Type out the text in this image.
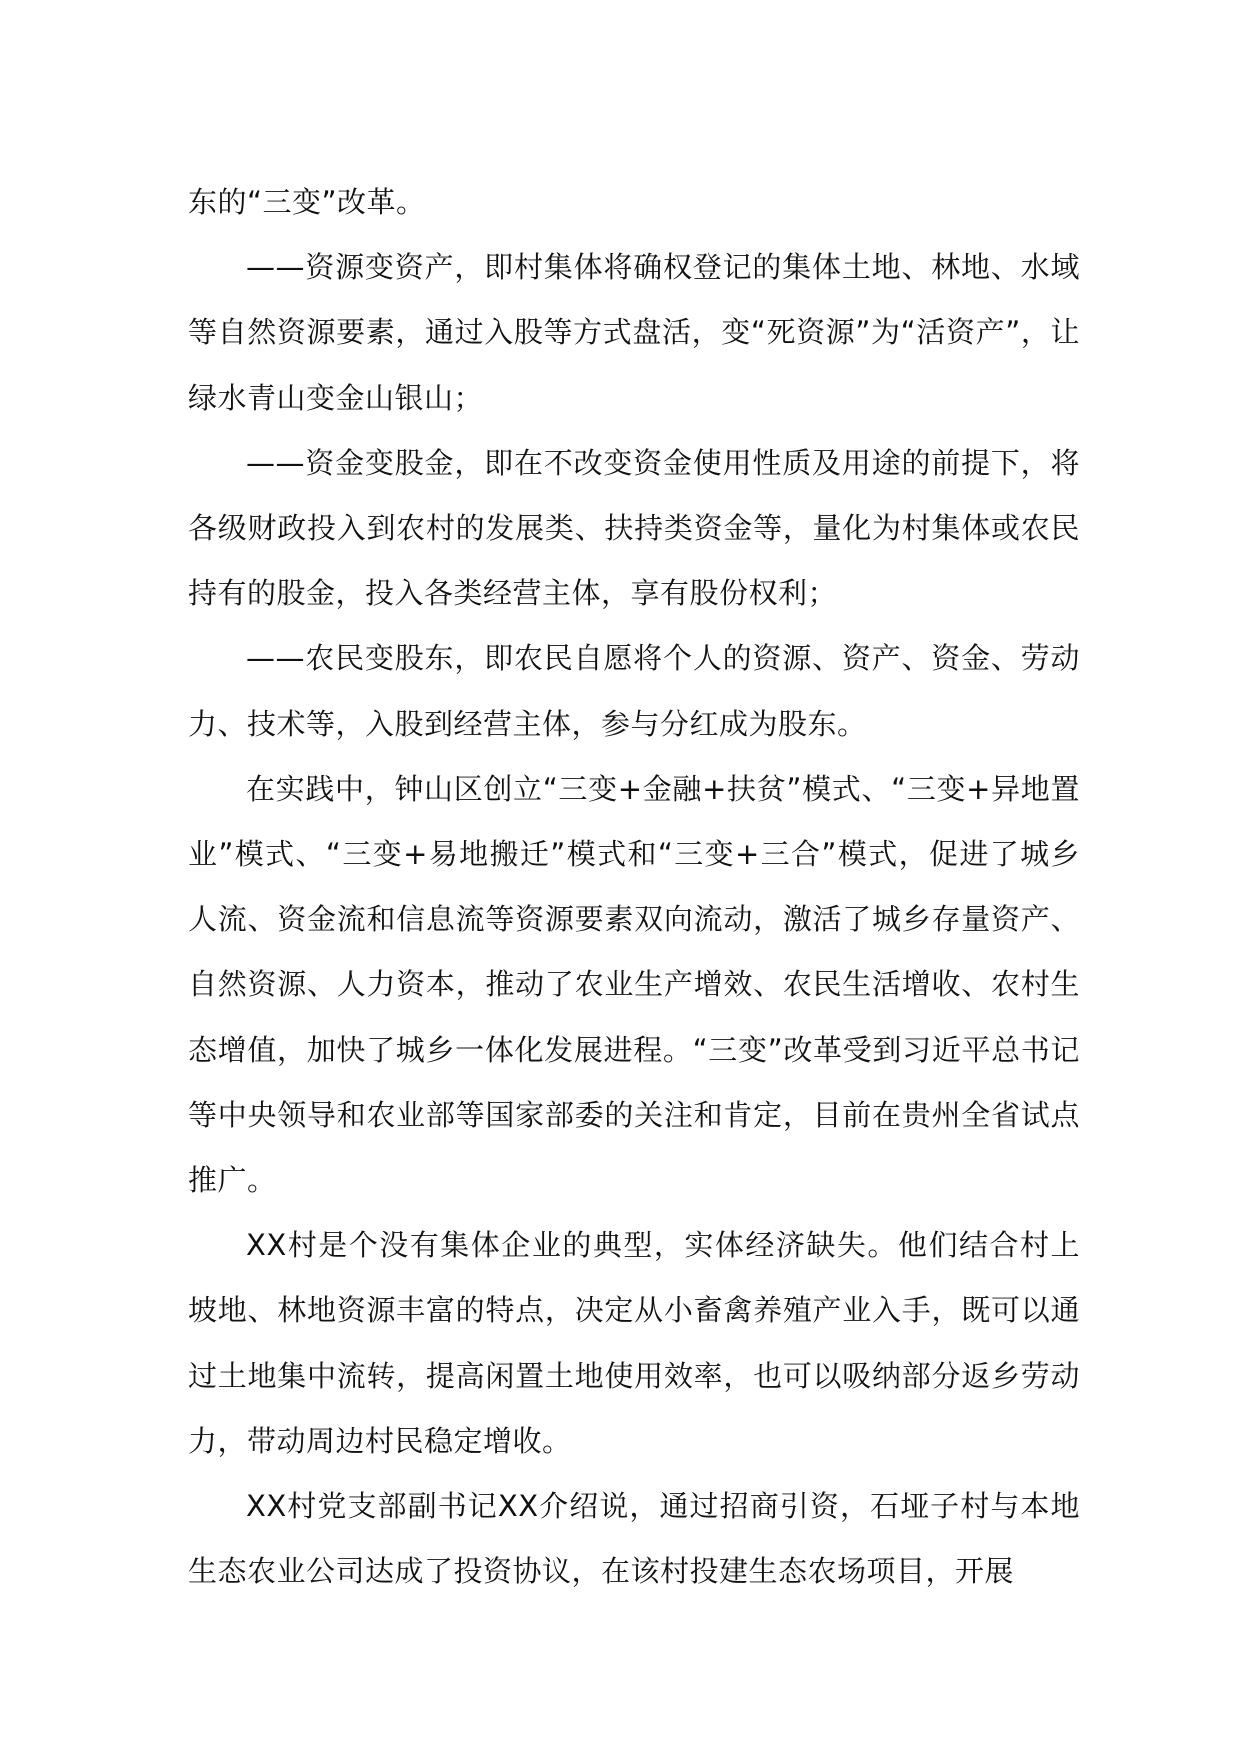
东的“三变”改革。

——资源变资产，即村集体将确权登记的集体土地、林地、水域等自然资源要素，通过入股等方式盘活，变“死资源”为“活资产”，让绿水青山变金山银山；

——资金变股金，即在不改变资金使用性质及用途的前提下，将各级财政投入到农村的发展类、扶持类资金等，量化为村集体或农民持有的股金，投入各类经营主体，享有股份权利；

——农民变股东，即农民自愿将个人的资源、资产、资金、劳动力、技术等，入股到经营主体，参与分红成为股东。

在实践中，钟山区创立“三变+金融+扶贫”模式、“三变+异地置业”模式、“三变+易地搬迁”模式和“三变+三合”模式，促进了城乡人流、资金流和信息流等资源要素双向流动，激活了城乡存量资产、自然资源、人力资本，推动了农业生产增效、农民生活增收、农村生态增值，加快了城乡一体化发展进程。“三变”改革受到习近平总书记等中央领导和农业部等国家部委的关注和肯定，目前在贵州全省试点推广。

XX村是个没有集体企业的典型，实体经济缺失。他们结合村上坡地、林地资源丰富的特点，决定从小畜禽养殖产业入手，既可以通过土地集中流转，提高闲置土地使用效率，也可以吸纳部分返乡劳动力，带动周边村民稳定增收。

XX村党支部副书记XX介绍说，通过招商引资，石垭子村与本地生态农业公司达成了投资协议，在该村投建生态农场项目，开展
